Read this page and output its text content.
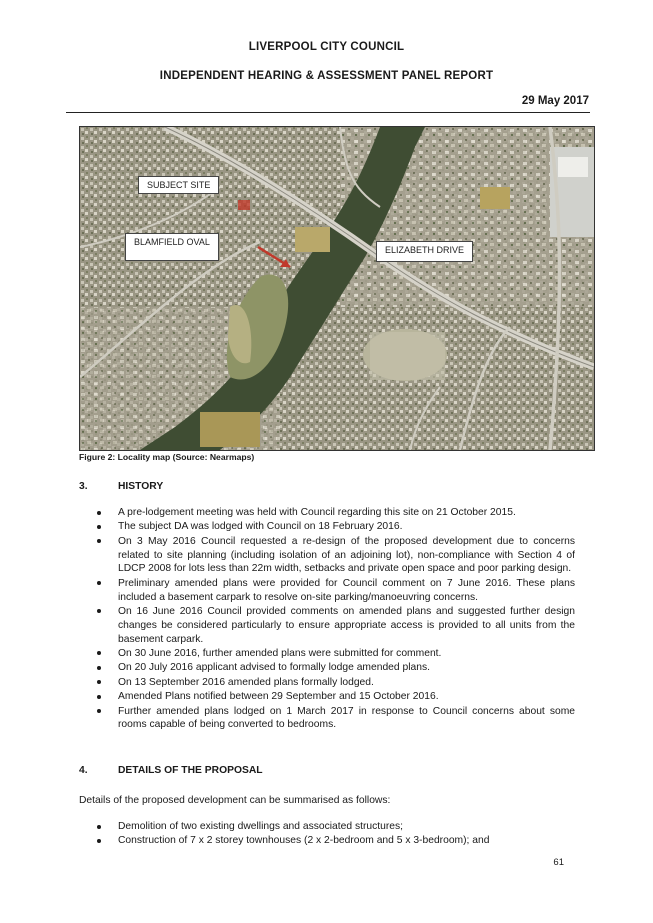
LIVERPOOL CITY COUNCIL
INDEPENDENT HEARING & ASSESSMENT PANEL REPORT
29 May 2017
SUBJECT SITE
BLAMFIELD OVAL
ELIZABETH DRIVE
Figure 2: Locality map (Source: Nearmaps)
3.	HISTORY
A pre-lodgement meeting was held with Council regarding this site on 21 October 2015.
The subject DA was lodged with Council on 18 February 2016.
On 3 May 2016 Council requested a re-design of the proposed development due to concerns related to site planning (including isolation of an adjoining lot), non-compliance with Section 4 of LDCP 2008 for lots less than 22m width, setbacks and private open space and poor parking design.
Preliminary amended plans were provided for Council comment on 7 June 2016. These plans included a basement carpark to resolve on-site parking/manoeuvring concerns.
On 16 June 2016 Council provided comments on amended plans and suggested further design changes be considered particularly to ensure appropriate access is provided to all units from the basement carpark.
On 30 June 2016, further amended plans were submitted for comment.
On 20 July 2016 applicant advised to formally lodge amended plans.
On 13 September 2016 amended plans formally lodged.
Amended Plans notified between 29 September and 15 October 2016.
Further amended plans lodged on 1 March 2017 in response to Council concerns about some rooms capable of being converted to bedrooms.
4.	DETAILS OF THE PROPOSAL
Details of the proposed development can be summarised as follows:
Demolition of two existing dwellings and associated structures;
Construction of 7 x 2 storey townhouses (2 x 2-bedroom and 5 x 3-bedroom); and
61
